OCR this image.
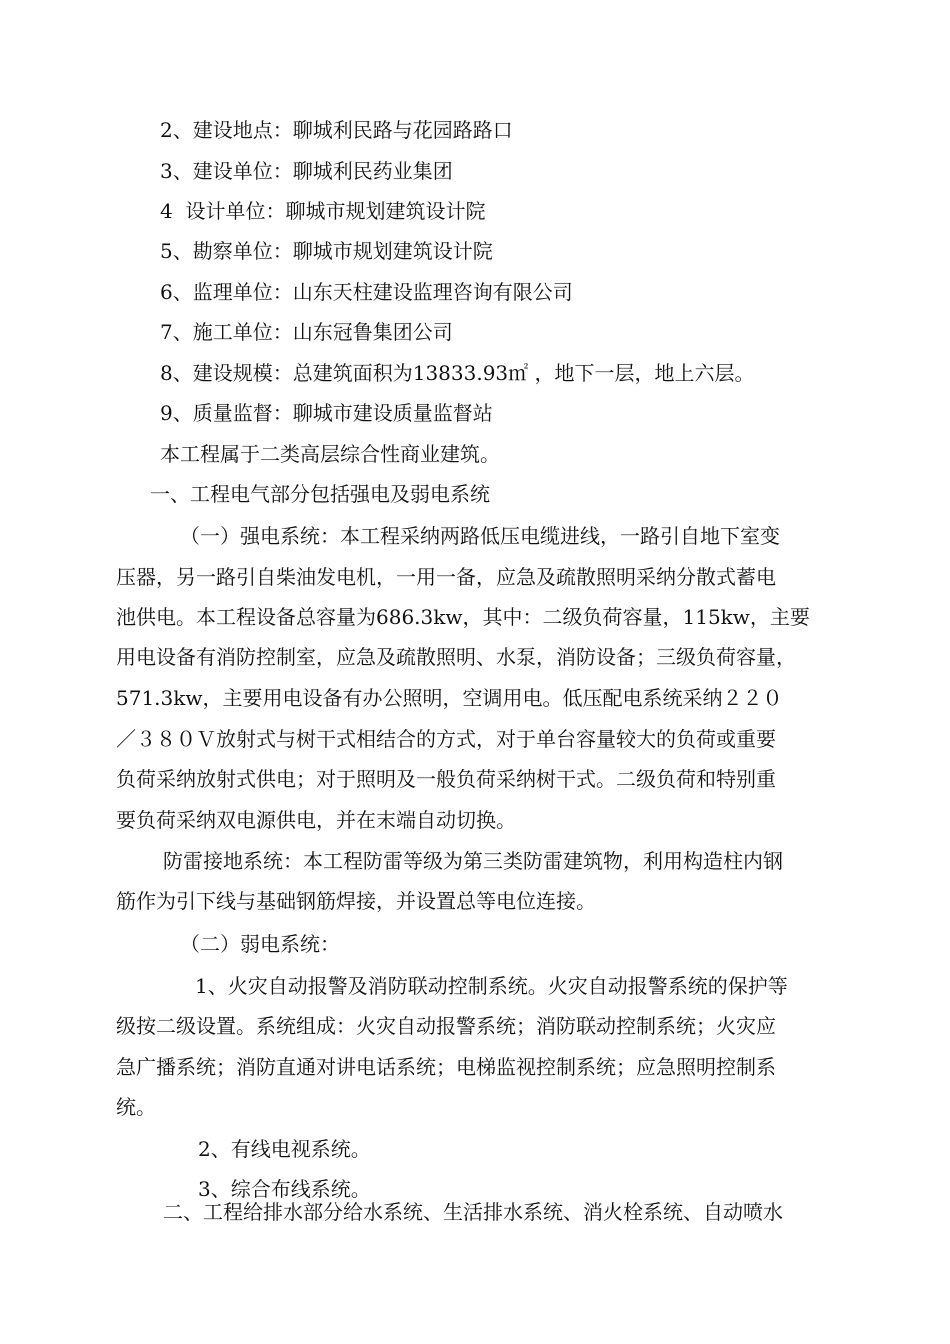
2、建设地点：聊城利民路与花园路路口
3、建设单位：聊城利民药业集团
4  设计单位：聊城市规划建筑设计院
5、勘察单位：聊城市规划建筑设计院
6、监理单位：山东天柱建设监理咨询有限公司
7、施工单位：山东冠鲁集团公司
8、建设规模：总建筑面积为13833.93㎡ ，地下一层，地上六层。
9、质量监督：聊城市建设质量监督站
本工程属于二类高层综合性商业建筑。
一、工程电气部分包括强电及弱电系统
（一）强电系统：本工程采纳两路低压电缆进线，一路引自地下室变
压器，另一路引自柴油发电机，一用一备，应急及疏散照明采纳分散式蓄电
池供电。本工程设备总容量为686.3kw，其中：二级负荷容量，115kw，主要
用电设备有消防控制室，应急及疏散照明、水泵，消防设备；三级负荷容量，
571.3kw，主要用电设备有办公照明，空调用电。低压配电系统采纳２２０
／３８０Ｖ放射式与树干式相结合的方式，对于单台容量较大的负荷或重要
负荷采纳放射式供电；对于照明及一般负荷采纳树干式。二级负荷和特别重
要负荷采纳双电源供电，并在末端自动切换。
防雷接地系统：本工程防雷等级为第三类防雷建筑物，利用构造柱内钢
筋作为引下线与基础钢筋焊接，并设置总等电位连接。
（二）弱电系统：
1、火灾自动报警及消防联动控制系统。火灾自动报警系统的保护等
级按二级设置。系统组成：火灾自动报警系统；消防联动控制系统；火灾应
急广播系统；消防直通对讲电话系统；电梯监视控制系统；应急照明控制系
统。
2、有线电视系统。
3、综合布线系统。
二、工程给排水部分给水系统、生活排水系统、消火栓系统、自动喷水
